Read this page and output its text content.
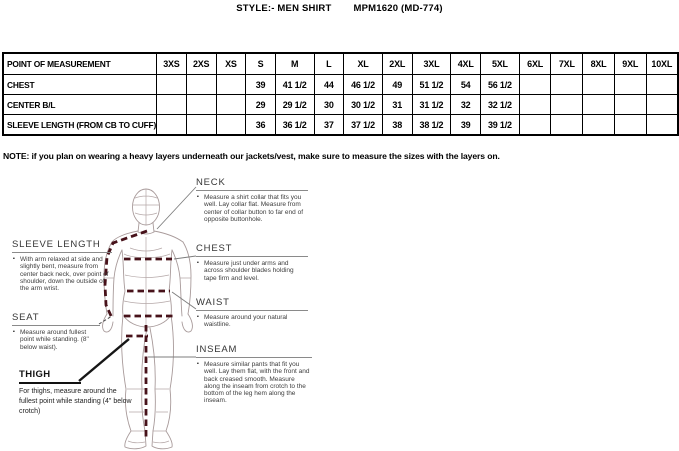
STYLE:- MEN SHIRT MPM1620 (MD-774)
POINT OF MEASUREMENT	3XS	2XS	XS	S	M	L	XL	2XL	3XL	4XL	5XL	6XL	7XL	8XL	9XL	10XL
CHEST				39	41 1/2	44	46 1/2	49	51 1/2	54	56 1/2					
CENTER B/L				29	29 1/2	30	30 1/2	31	31 1/2	32	32 1/2					
SLEEVE LENGTH (FROM CB TO CUFF)				36	36 1/2	37	37 1/2	38	38 1/2	39	39 1/2					
NOTE: if you plan on wearing a heavy layers underneath our jackets/vest, make sure to measure the sizes with the layers on.
NECK
▪ Measure a shirt collar that fits you well. Lay collar flat. Measure from center of collar button to far end of opposite buttonhole.
CHEST
▪ Measure just under arms and across shoulder blades holding tape firm and level.
WAIST
▪ Measure around your natural waistline.
INSEAM
▪ Measure similar pants that fit you well. Lay them flat, with the front and back creased smooth. Measure along the inseam from crotch to the bottom of the leg hem along the inseam.
SLEEVE LENGTH
▪ With arm relaxed at side and slightly bent, measure from center back neck, over point of shoulder, down the outside of the arm wrist.
SEAT
▪ Measure around fullest point while standing. (8" below waist).
THIGH
For thighs, measure around the fullest point while standing (4" below crotch)
